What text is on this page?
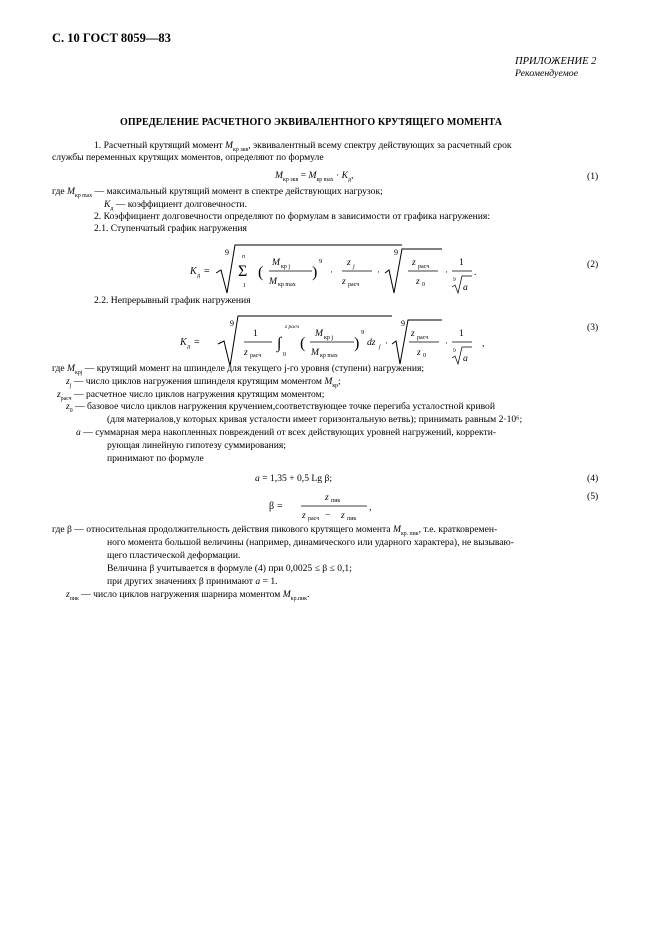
С. 10 ГОСТ 8059—83
ПРИЛОЖЕНИЕ 2
Рекомендуемое
ОПРЕДЕЛЕНИЕ РАСЧЕТНОГО ЭКВИВАЛЕНТНОГО КРУТЯЩЕГО МОМЕНТА
1. Расчетный крутящий момент $M_{кр экв}$, эквивалентный всему спектру действующих за расчетный срок
службы переменных крутящих моментов, определяют по формуле
$M_{кр экв} = M_{кр max} \cdot K_д$,	(1)
где $M_{кр max}$ — максимальный крутящий момент в спектре действующих нагрузок;
$K_д$ — коэффициент долговечности.
2. Коэффициент долговечности определяют по формулам в зависимости от графика нагружения:
2.1. Ступенчатый график нагружения
K д =
9 n
Σ
1
(
M кр j
M кр max
)
9
·
z j
z расч
·
9
z расч
z 0
·
1
9
a
.
(2)
2.2. Непрерывный график нагружения
K д =
9
1
z расч
∫
z расч
0
(
M кр j
M кр max
)
9
dz j ·
9
z расч
z 0
·
1
9
a
,
(3)
где $M_{крj}$ — крутящий момент на шпинделе для текущего j-го уровня (ступени) нагружения;
$z_j$ — число циклов нагружения шпинделя крутящим моментом $M_{кр}$;
$z_{расч}$ — расчетное число циклов нагружения крутящим моментом;
$z_0$ — базовое число циклов нагружения кручением,соответствующее точке перегиба усталостной кривой
(для материалов,у которых кривая усталости имеет горизонтальную ветвь); принимать равным 2·10⁶;
a — суммарная мера накопленных повреждений от всех действующих уровней нагружений, корректи-
рующая линейную гипотезу суммирования;
принимают по формуле
a = 1,35 + 0,5 Lg β;	(4)
β =
z пик
z расч − z пик
,
(5)
где β — относительная продолжительность действия пикового крутящего момента $M_{кр. пик}$, т.е. кратковремен-
ного момента большой величины (например, динамического или ударного характера), не вызываю-
щего пластической деформации.
Величина β учитывается в формуле (4) при 0,0025 ≤ β ≤ 0,1;
при других значениях β принимают a = 1.
$z_{пик}$ — число циклов нагружения шарнира моментом $M_{кр.пик}$.
